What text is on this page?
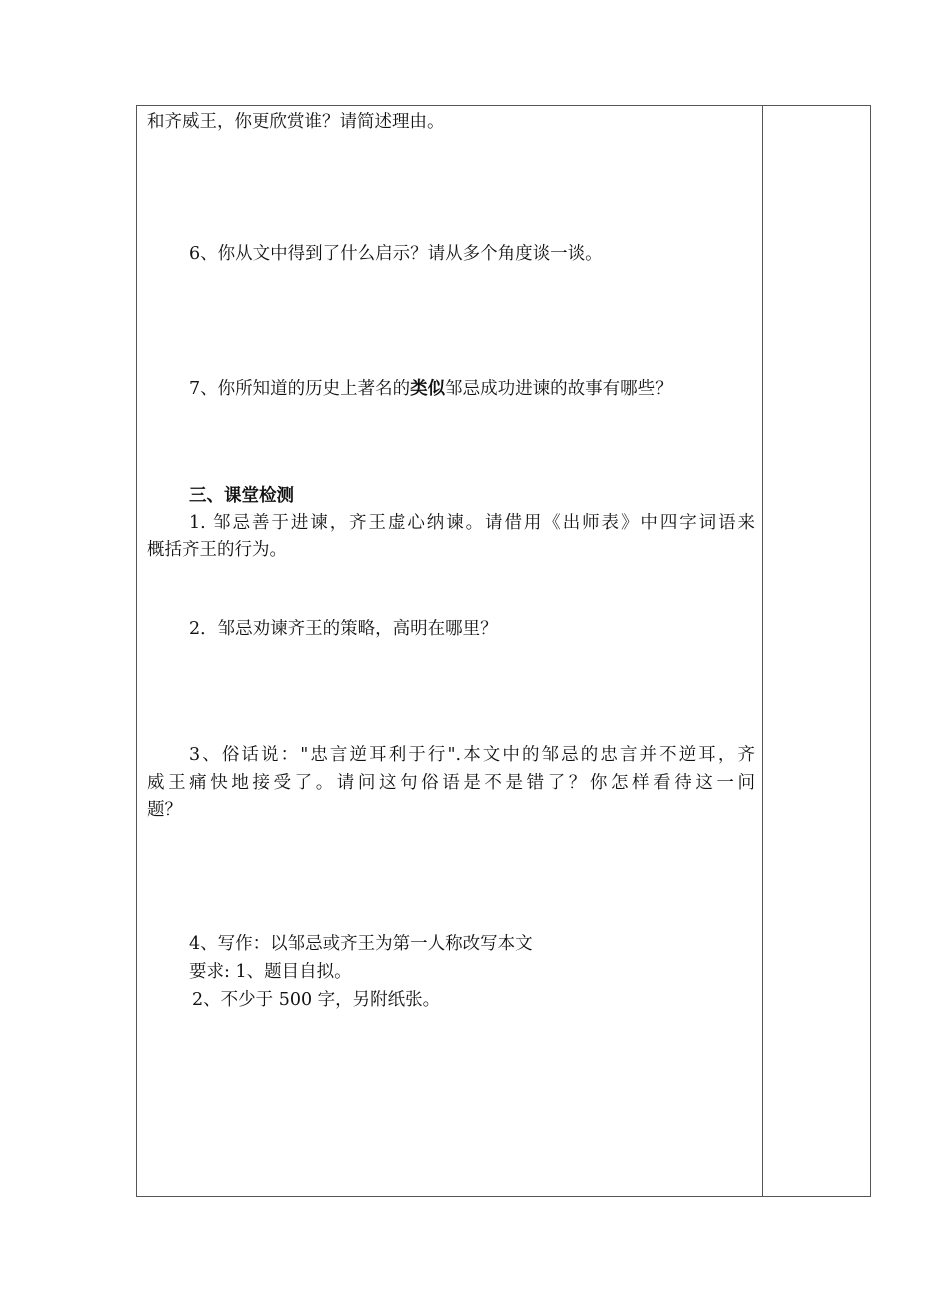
和齐威王，你更欣赏谁？请简述理由。
6、你从文中得到了什么启示？请从多个角度谈一谈。
7、你所知道的历史上著名的类似邹忌成功进谏的故事有哪些？
三、课堂检测
1. 邹忌善于进谏，齐王虚心纳谏。请借用《出师表》中四字词语来
概括齐王的行为。
2．邹忌劝谏齐王的策略，高明在哪里？
3、俗话说："忠言逆耳利于行".本文中的邹忌的忠言并不逆耳，齐
威王痛快地接受了。请问这句俗语是不是错了？你怎样看待这一问
题？
4、写作：以邹忌或齐王为第一人称改写本文
要求: 1、题目自拟。
2、不少于 500 字，另附纸张。
